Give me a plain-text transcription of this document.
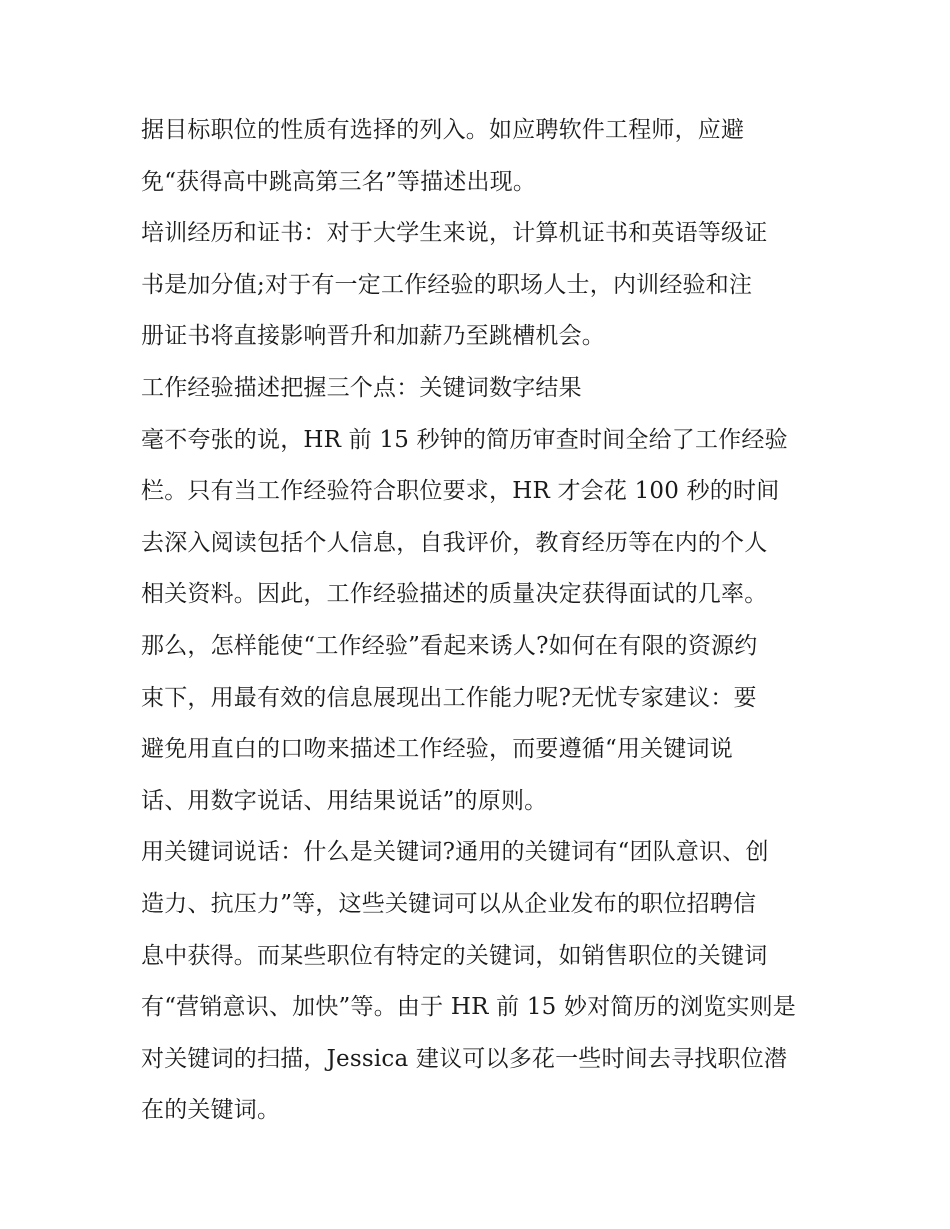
据目标职位的性质有选择的列入。如应聘软件工程师，应避
免“获得高中跳高第三名”等描述出现。
培训经历和证书：对于大学生来说，计算机证书和英语等级证
书是加分值;对于有一定工作经验的职场人士，内训经验和注
册证书将直接影响晋升和加薪乃至跳槽机会。
工作经验描述把握三个点：关键词数字结果
毫不夸张的说，HR 前 15 秒钟的简历审查时间全给了工作经验
栏。只有当工作经验符合职位要求，HR 才会花 100 秒的时间
去深入阅读包括个人信息，自我评价，教育经历等在内的个人
相关资料。因此，工作经验描述的质量决定获得面试的几率。
那么，怎样能使“工作经验”看起来诱人?如何在有限的资源约
束下，用最有效的信息展现出工作能力呢?无忧专家建议：要
避免用直白的口吻来描述工作经验，而要遵循“用关键词说
话、用数字说话、用结果说话”的原则。
用关键词说话：什么是关键词?通用的关键词有“团队意识、创
造力、抗压力”等，这些关键词可以从企业发布的职位招聘信
息中获得。而某些职位有特定的关键词，如销售职位的关键词
有“营销意识、加快”等。由于 HR 前 15 妙对简历的浏览实则是
对关键词的扫描，Jessica 建议可以多花一些时间去寻找职位潜
在的关键词。
